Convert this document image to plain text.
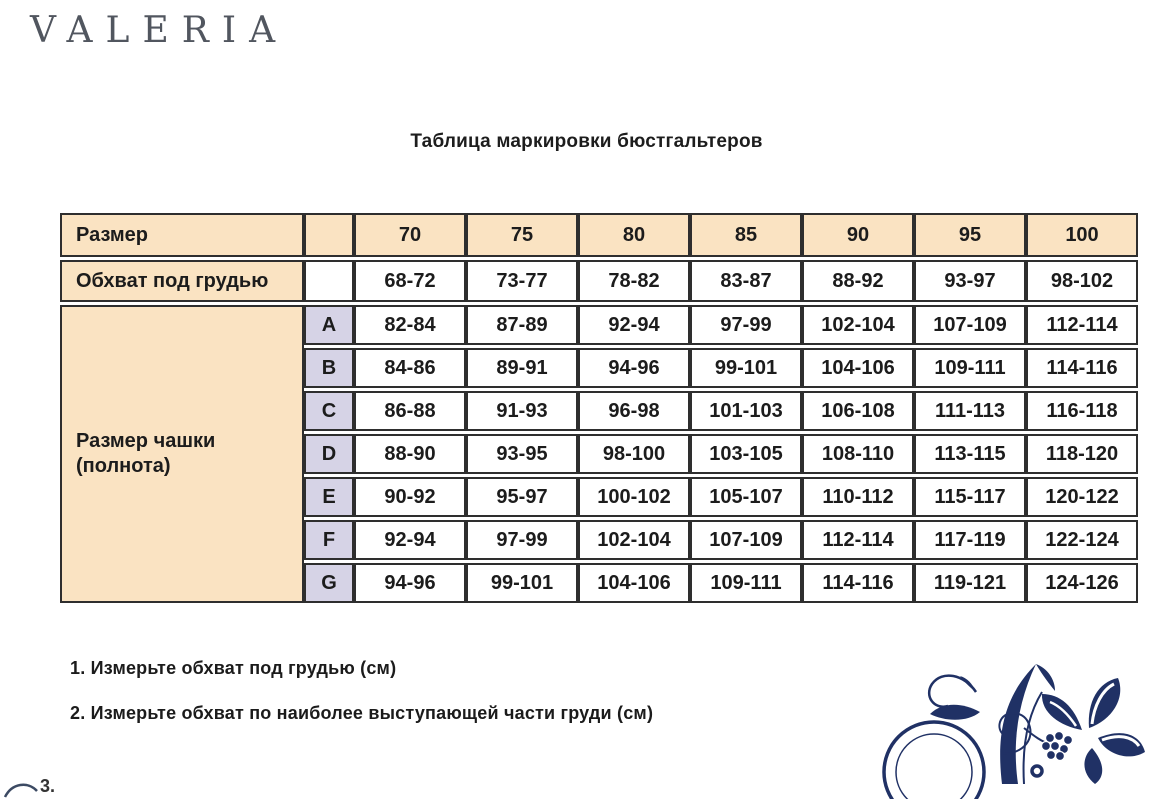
VALERIA
Таблица маркировки бюстгальтеров
Размер		70	75	80	85	90	95	100
Обхват под грудью		68-72	73-77	78-82	83-87	88-92	93-97	98-102
Размер чашки (полнота)	A	82-84	87-89	92-94	97-99	102-104	107-109	112-114
	B	84-86	89-91	94-96	99-101	104-106	109-111	114-116
	C	86-88	91-93	96-98	101-103	106-108	111-113	116-118
	D	88-90	93-95	98-100	103-105	108-110	113-115	118-120
	E	90-92	95-97	100-102	105-107	110-112	115-117	120-122
	F	92-94	97-99	102-104	107-109	112-114	117-119	122-124
	G	94-96	99-101	104-106	109-111	114-116	119-121	124-126
1. Измерьте обхват под грудью (см)
2. Измерьте обхват по наиболее выступающей части груди (см)
3.
